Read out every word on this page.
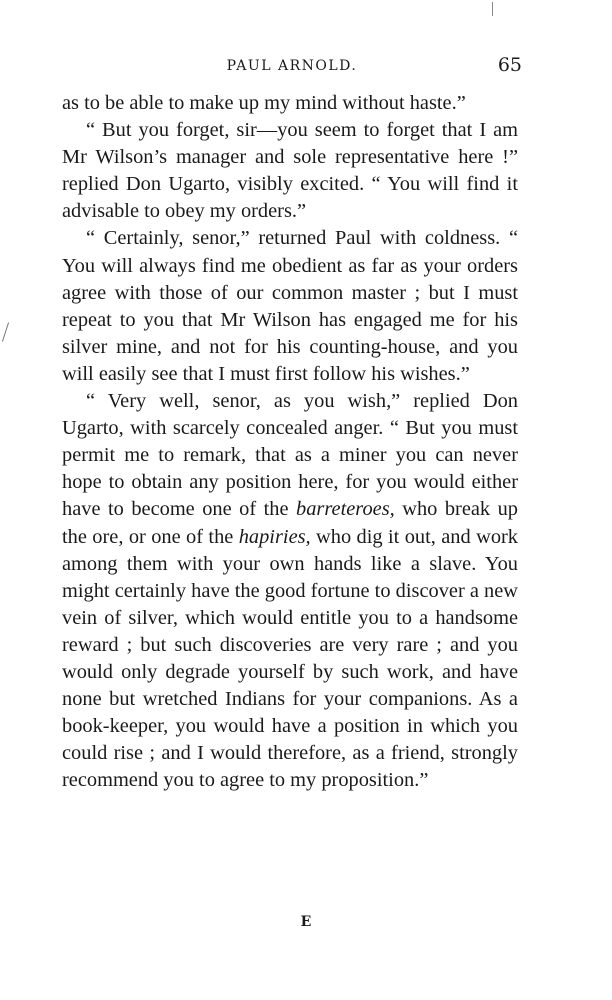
PAUL ARNOLD.	65

as to be able to make up my mind without haste.”

“ But you forget, sir—you seem to forget that I am Mr Wilson’s manager and sole representative here !” replied Don Ugarto, visibly excited. “ You will find it advisable to obey my orders.”

“ Certainly, senor,” returned Paul with coldness. “ You will always find me obedient as far as your orders agree with those of our common master ; but I must repeat to you that Mr Wilson has engaged me for his silver mine, and not for his counting-house, and you will easily see that I must first follow his wishes.”

“ Very well, senor, as you wish,” replied Don Ugarto, with scarcely concealed anger. “ But you must permit me to remark, that as a miner you can never hope to obtain any position here, for you would either have to become one of the barreteroes, who break up the ore, or one of the hapiries, who dig it out, and work among them with your own hands like a slave. You might certainly have the good fortune to discover a new vein of silver, which would entitle you to a handsome reward ; but such discoveries are very rare ; and you would only degrade yourself by such work, and have none but wretched Indians for your companions. As a book-keeper, you would have a position in which you could rise ; and I would therefore, as a friend, strongly recommend you to agree to my proposition.”

E
